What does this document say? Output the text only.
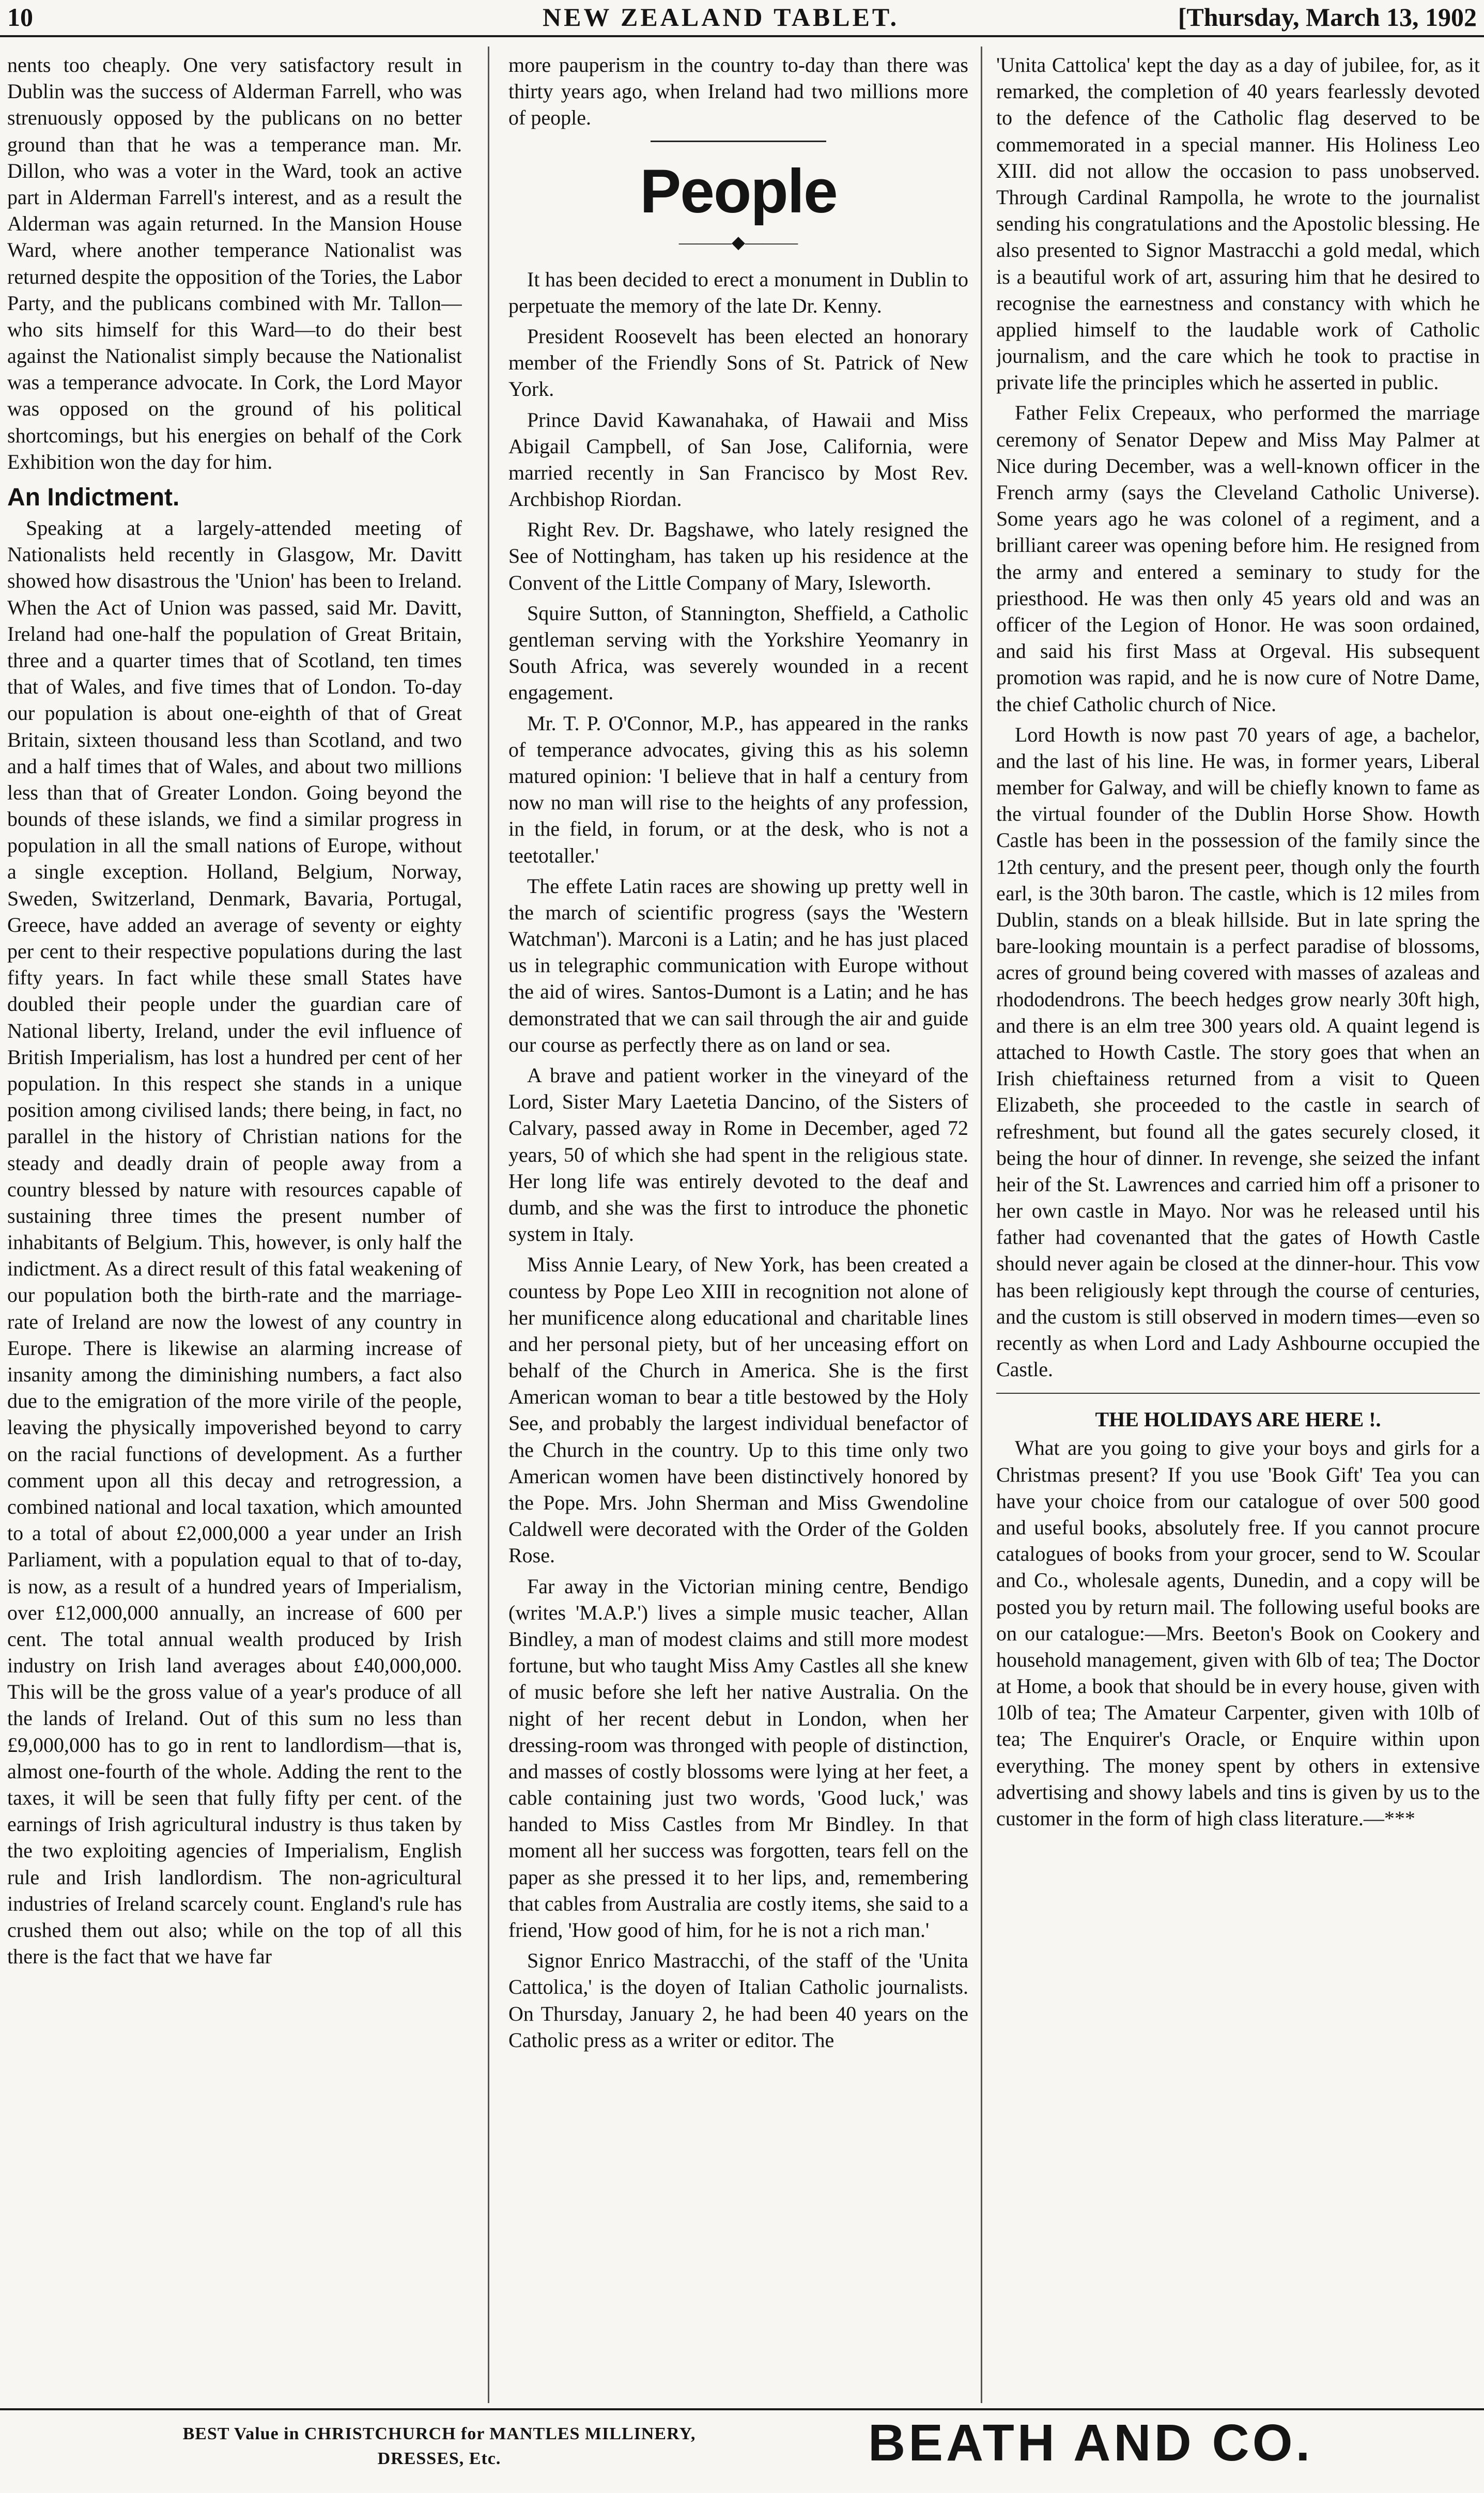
10	NEW ZEALAND TABLET.	[Thursday, March 13, 1902

nents too cheaply. One very satisfactory result in Dublin was the success of Alderman Farrell, who was strenuously opposed by the publicans on no better ground than that he was a temperance man. Mr. Dillon, who was a voter in the Ward, took an active part in Alderman Farrell's interest, and as a result the Alderman was again returned. In the Mansion House Ward, where another temperance Nationalist was returned despite the opposition of the Tories, the Labor Party, and the publicans combined with Mr. Tallon—who sits himself for this Ward—to do their best against the Nationalist simply because the Nationalist was a temperance advocate. In Cork, the Lord Mayor was opposed on the ground of his political shortcomings, but his energies on behalf of the Cork Exhibition won the day for him.

An Indictment.

Speaking at a largely-attended meeting of Nationalists held recently in Glasgow, Mr. Davitt showed how disastrous the 'Union' has been to Ireland. When the Act of Union was passed, said Mr. Davitt, Ireland had one-half the population of Great Britain, three and a quarter times that of Scotland, ten times that of Wales, and five times that of London. To-day our population is about one-eighth of that of Great Britain, sixteen thousand less than Scotland, and two and a half times that of Wales, and about two millions less than that of Greater London. Going beyond the bounds of these islands, we find a similar progress in population in all the small nations of Europe, without a single exception. Holland, Belgium, Norway, Sweden, Switzerland, Denmark, Bavaria, Portugal, Greece, have added an average of seventy or eighty per cent to their respective populations during the last fifty years. In fact while these small States have doubled their people under the guardian care of National liberty, Ireland, under the evil influence of British Imperialism, has lost a hundred per cent of her population. In this respect she stands in a unique position among civilised lands; there being, in fact, no parallel in the history of Christian nations for the steady and deadly drain of people away from a country blessed by nature with resources capable of sustaining three times the present number of inhabitants of Belgium. This, however, is only half the indictment. As a direct result of this fatal weakening of our population both the birth-rate and the marriage-rate of Ireland are now the lowest of any country in Europe. There is likewise an alarming increase of insanity among the diminishing numbers, a fact also due to the emigration of the more virile of the people, leaving the physically impoverished beyond to carry on the racial functions of development. As a further comment upon all this decay and retrogression, a combined national and local taxation, which amounted to a total of about £2,000,000 a year under an Irish Parliament, with a population equal to that of to-day, is now, as a result of a hundred years of Imperialism, over £12,000,000 annually, an increase of 600 per cent. The total annual wealth produced by Irish industry on Irish land averages about £40,000,000. This will be the gross value of a year's produce of all the lands of Ireland. Out of this sum no less than £9,000,000 has to go in rent to landlordism—that is, almost one-fourth of the whole. Adding the rent to the taxes, it will be seen that fully fifty per cent. of the earnings of Irish agricultural industry is thus taken by the two exploiting agencies of Imperialism, English rule and Irish landlordism. The non-agricultural industries of Ireland scarcely count. England's rule has crushed them out also; while on the top of all this there is the fact that we have far

more pauperism in the country to-day than there was thirty years ago, when Ireland had two millions more of people.

People
———◆———

It has been decided to erect a monument in Dublin to perpetuate the memory of the late Dr. Kenny.

President Roosevelt has been elected an honorary member of the Friendly Sons of St. Patrick of New York.

Prince David Kawanahaka, of Hawaii and Miss Abigail Campbell, of San Jose, California, were married recently in San Francisco by Most Rev. Archbishop Riordan.

Right Rev. Dr. Bagshawe, who lately resigned the See of Nottingham, has taken up his residence at the Convent of the Little Company of Mary, Isleworth.

Squire Sutton, of Stannington, Sheffield, a Catholic gentleman serving with the Yorkshire Yeomanry in South Africa, was severely wounded in a recent engagement.

Mr. T. P. O'Connor, M.P., has appeared in the ranks of temperance advocates, giving this as his solemn matured opinion: 'I believe that in half a century from now no man will rise to the heights of any profession, in the field, in forum, or at the desk, who is not a teetotaller.'

The effete Latin races are showing up pretty well in the march of scientific progress (says the 'Western Watchman'). Marconi is a Latin; and he has just placed us in telegraphic communication with Europe without the aid of wires. Santos-Dumont is a Latin; and he has demonstrated that we can sail through the air and guide our course as perfectly there as on land or sea.

A brave and patient worker in the vineyard of the Lord, Sister Mary Laetetia Dancino, of the Sisters of Calvary, passed away in Rome in December, aged 72 years, 50 of which she had spent in the religious state. Her long life was entirely devoted to the deaf and dumb, and she was the first to introduce the phonetic system in Italy.

Miss Annie Leary, of New York, has been created a countess by Pope Leo XIII in recognition not alone of her munificence along educational and charitable lines and her personal piety, but of her unceasing effort on behalf of the Church in America. She is the first American woman to bear a title bestowed by the Holy See, and probably the largest individual benefactor of the Church in the country. Up to this time only two American women have been distinctively honored by the Pope. Mrs. John Sherman and Miss Gwendoline Caldwell were decorated with the Order of the Golden Rose.

Far away in the Victorian mining centre, Bendigo (writes 'M.A.P.') lives a simple music teacher, Allan Bindley, a man of modest claims and still more modest fortune, but who taught Miss Amy Castles all she knew of music before she left her native Australia. On the night of her recent debut in London, when her dressing-room was thronged with people of distinction, and masses of costly blossoms were lying at her feet, a cable containing just two words, 'Good luck,' was handed to Miss Castles from Mr Bindley. In that moment all her success was forgotten, tears fell on the paper as she pressed it to her lips, and, remembering that cables from Australia are costly items, she said to a friend, 'How good of him, for he is not a rich man.'

Signor Enrico Mastracchi, of the staff of the 'Unita Cattolica,' is the doyen of Italian Catholic journalists. On Thursday, January 2, he had been 40 years on the Catholic press as a writer or editor. The

'Unita Cattolica' kept the day as a day of jubilee, for, as it remarked, the completion of 40 years fearlessly devoted to the defence of the Catholic flag deserved to be commemorated in a special manner. His Holiness Leo XIII. did not allow the occasion to pass unobserved. Through Cardinal Rampolla, he wrote to the journalist sending his congratulations and the Apostolic blessing. He also presented to Signor Mastracchi a gold medal, which is a beautiful work of art, assuring him that he desired to recognise the earnestness and constancy with which he applied himself to the laudable work of Catholic journalism, and the care which he took to practise in private life the principles which he asserted in public.

Father Felix Crepeaux, who performed the marriage ceremony of Senator Depew and Miss May Palmer at Nice during December, was a well-known officer in the French army (says the Cleveland Catholic Universe). Some years ago he was colonel of a regiment, and a brilliant career was opening before him. He resigned from the army and entered a seminary to study for the priesthood. He was then only 45 years old and was an officer of the Legion of Honor. He was soon ordained, and said his first Mass at Orgeval. His subsequent promotion was rapid, and he is now cure of Notre Dame, the chief Catholic church of Nice.

Lord Howth is now past 70 years of age, a bachelor, and the last of his line. He was, in former years, Liberal member for Galway, and will be chiefly known to fame as the virtual founder of the Dublin Horse Show. Howth Castle has been in the possession of the family since the 12th century, and the present peer, though only the fourth earl, is the 30th baron. The castle, which is 12 miles from Dublin, stands on a bleak hillside. But in late spring the bare-looking mountain is a perfect paradise of blossoms, acres of ground being covered with masses of azaleas and rhododendrons. The beech hedges grow nearly 30ft high, and there is an elm tree 300 years old. A quaint legend is attached to Howth Castle. The story goes that when an Irish chieftainess returned from a visit to Queen Elizabeth, she proceeded to the castle in search of refreshment, but found all the gates securely closed, it being the hour of dinner. In revenge, she seized the infant heir of the St. Lawrences and carried him off a prisoner to her own castle in Mayo. Nor was he released until his father had covenanted that the gates of Howth Castle should never again be closed at the dinner-hour. This vow has been religiously kept through the course of centuries, and the custom is still observed in modern times—even so recently as when Lord and Lady Ashbourne occupied the Castle.

THE HOLIDAYS ARE HERE !.

What are you going to give your boys and girls for a Christmas present? If you use 'Book Gift' Tea you can have your choice from our catalogue of over 500 good and useful books, absolutely free. If you cannot procure catalogues of books from your grocer, send to W. Scoular and Co., wholesale agents, Dunedin, and a copy will be posted you by return mail. The following useful books are on our catalogue:—Mrs. Beeton's Book on Cookery and household management, given with 6lb of tea; The Doctor at Home, a book that should be in every house, given with 10lb of tea; The Amateur Carpenter, given with 10lb of tea; The Enquirer's Oracle, or Enquire within upon everything. The money spent by others in extensive advertising and showy labels and tins is given by us to the customer in the form of high class literature.—***

BEST Value in CHRISTCHURCH for MANTLES MILLINERY,
DRESSES, Etc.	BEATH AND CO.
